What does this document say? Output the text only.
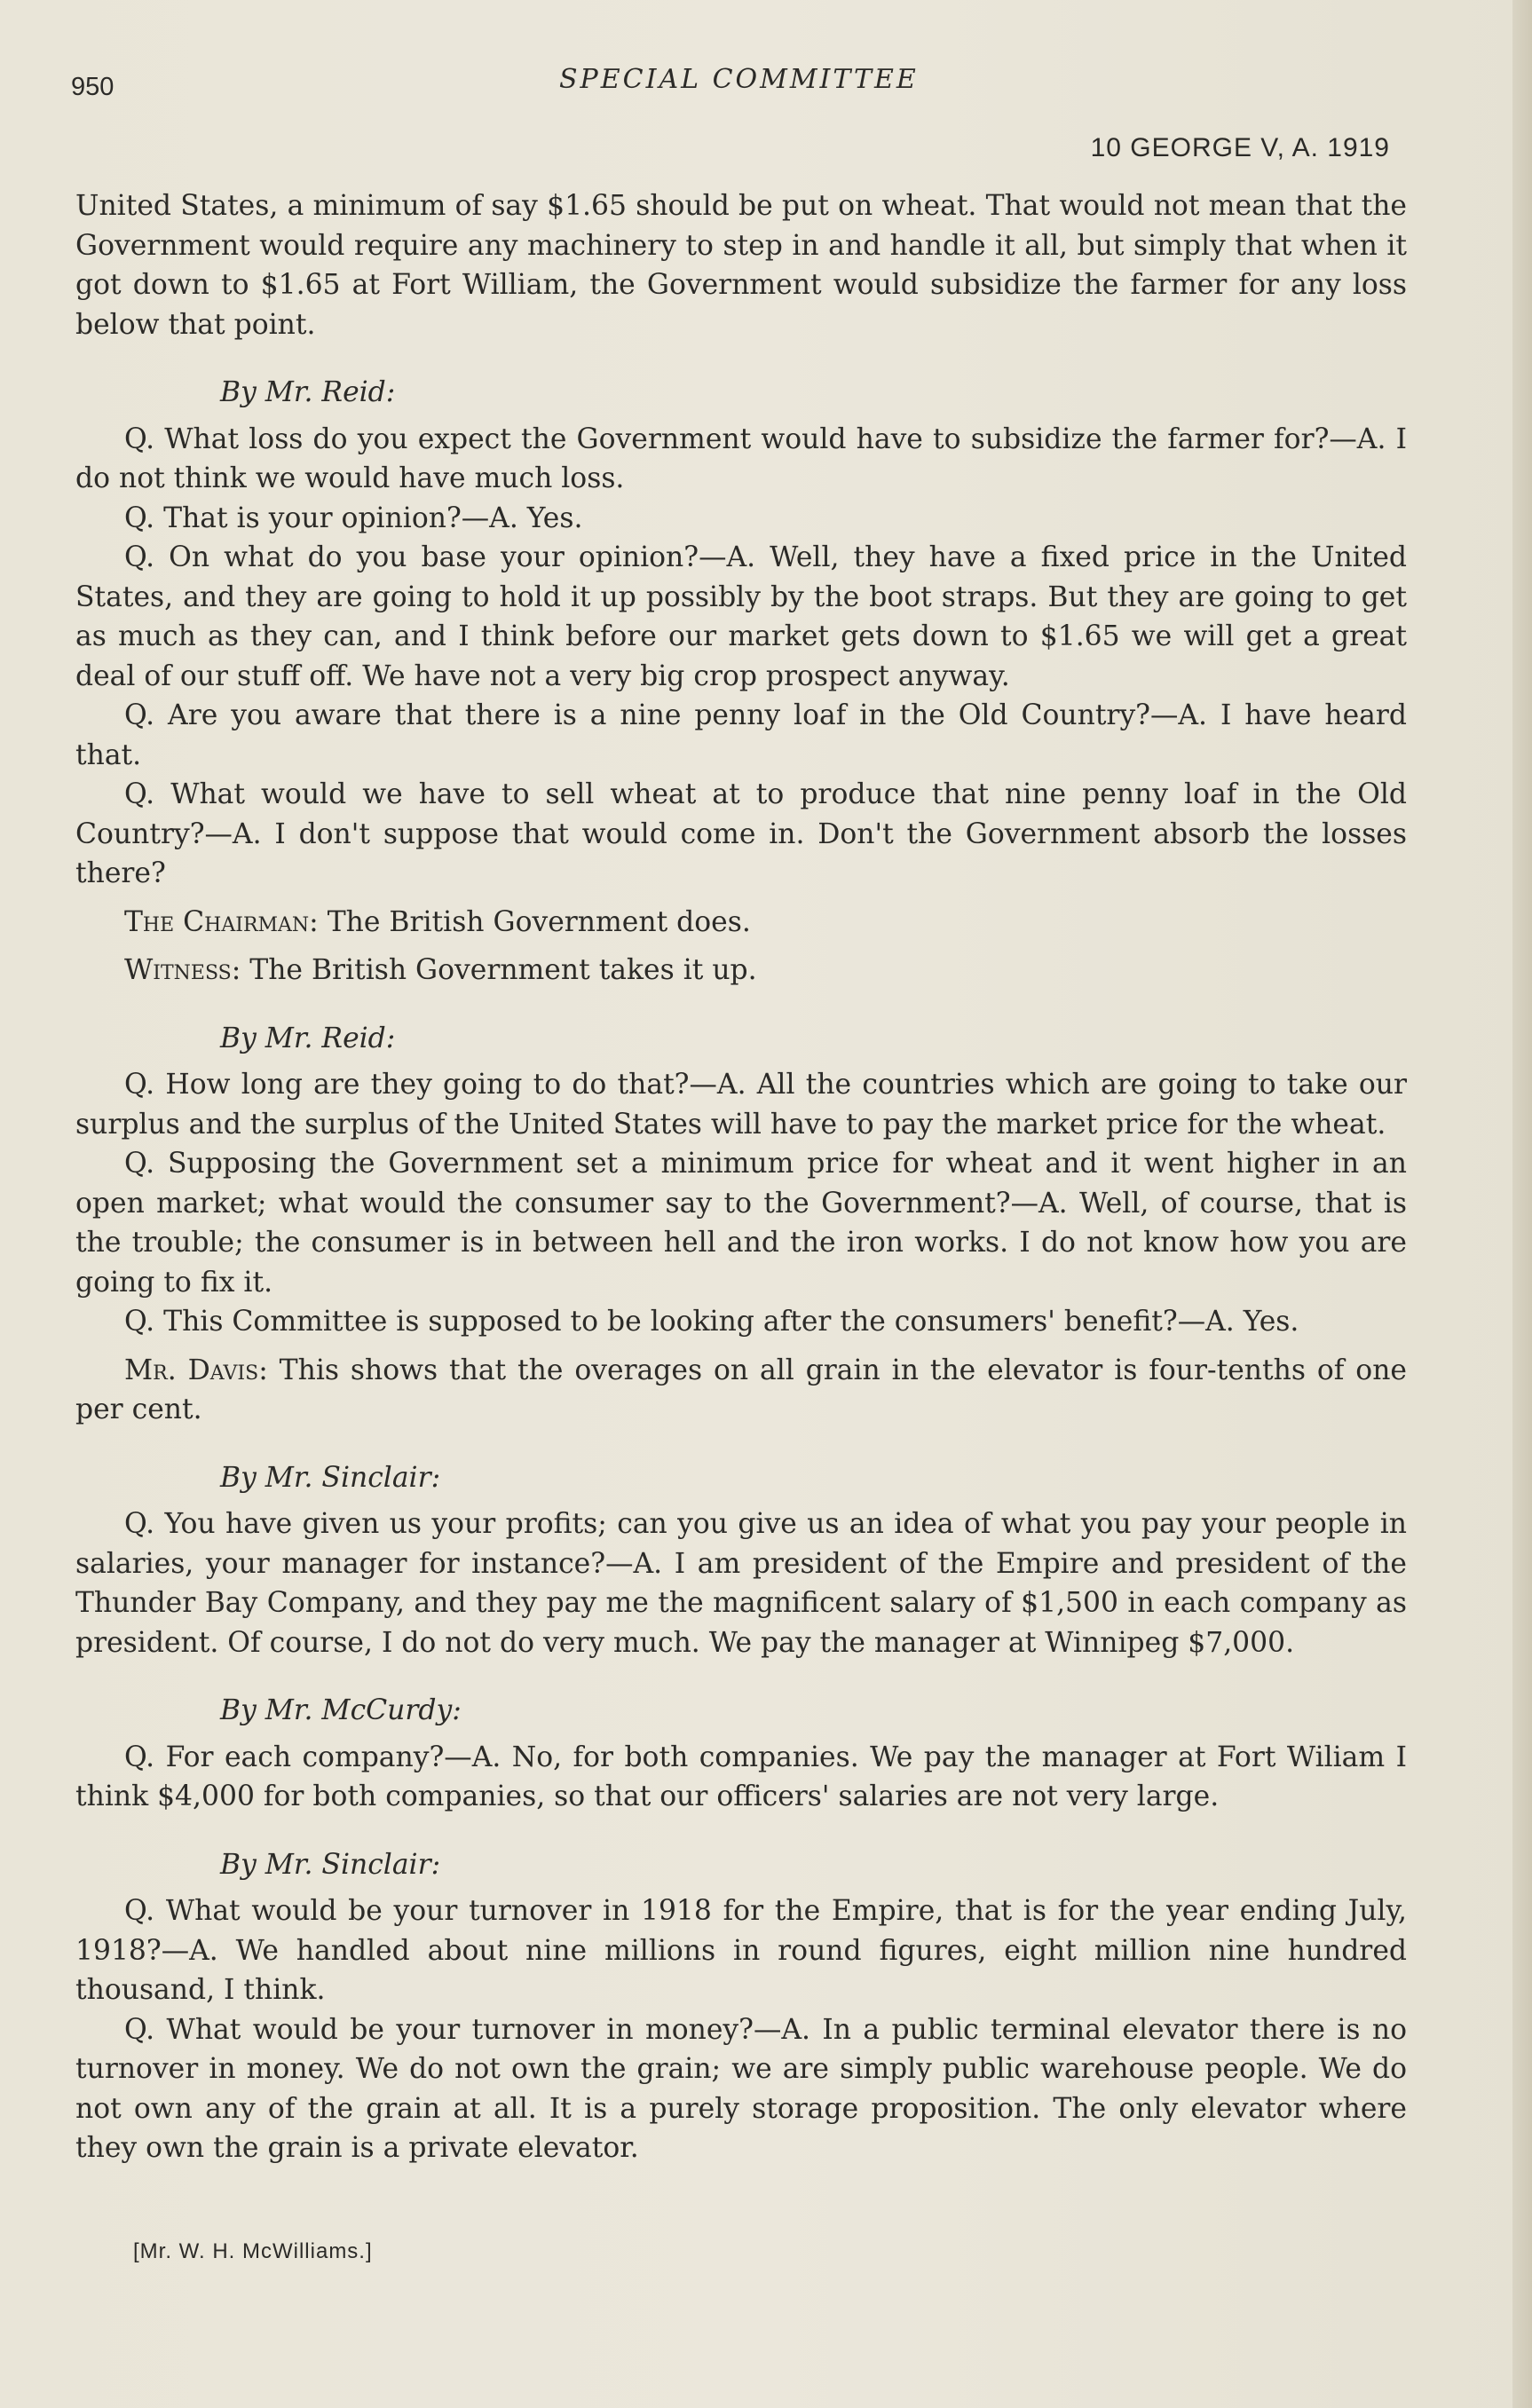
950	SPECIAL COMMITTEE
10 GEORGE V, A. 1919

United States, a minimum of say $1.65 should be put on wheat. That would not mean that the Government would require any machinery to step in and handle it all, but simply that when it got down to $1.65 at Fort William, the Government would subsidize the farmer for any loss below that point.

By Mr. Reid:

Q. What loss do you expect the Government would have to subsidize the farmer for?—A. I do not think we would have much loss.

Q. That is your opinion?—A. Yes.

Q. On what do you base your opinion?—A. Well, they have a fixed price in the United States, and they are going to hold it up possibly by the boot straps. But they are going to get as much as they can, and I think before our market gets down to $1.65 we will get a great deal of our stuff off. We have not a very big crop prospect anyway.

Q. Are you aware that there is a nine penny loaf in the Old Country?—A. I have heard that.

Q. What would we have to sell wheat at to produce that nine penny loaf in the Old Country?—A. I don't suppose that would come in. Don't the Government absorb the losses there?

The Chairman: The British Government does.

Witness: The British Government takes it up.

By Mr. Reid:

Q. How long are they going to do that?—A. All the countries which are going to take our surplus and the surplus of the United States will have to pay the market price for the wheat.

Q. Supposing the Government set a minimum price for wheat and it went higher in an open market; what would the consumer say to the Government?—A. Well, of course, that is the trouble; the consumer is in between hell and the iron works. I do not know how you are going to fix it.

Q. This Committee is supposed to be looking after the consumers' benefit?—A. Yes.

Mr. Davis: This shows that the overages on all grain in the elevator is four-tenths of one per cent.

By Mr. Sinclair:

Q. You have given us your profits; can you give us an idea of what you pay your people in salaries, your manager for instance?—A. I am president of the Empire and president of the Thunder Bay Company, and they pay me the magnificent salary of $1,500 in each company as president. Of course, I do not do very much. We pay the manager at Winnipeg $7,000.

By Mr. McCurdy:

Q. For each company?—A. No, for both companies. We pay the manager at Fort Wiliam I think $4,000 for both companies, so that our officers' salaries are not very large.

By Mr. Sinclair:

Q. What would be your turnover in 1918 for the Empire, that is for the year ending July, 1918?—A. We handled about nine millions in round figures, eight million nine hundred thousand, I think.

Q. What would be your turnover in money?—A. In a public terminal elevator there is no turnover in money. We do not own the grain; we are simply public warehouse people. We do not own any of the grain at all. It is a purely storage proposition. The only elevator where they own the grain is a private elevator.

[Mr. W. H. McWilliams.]
